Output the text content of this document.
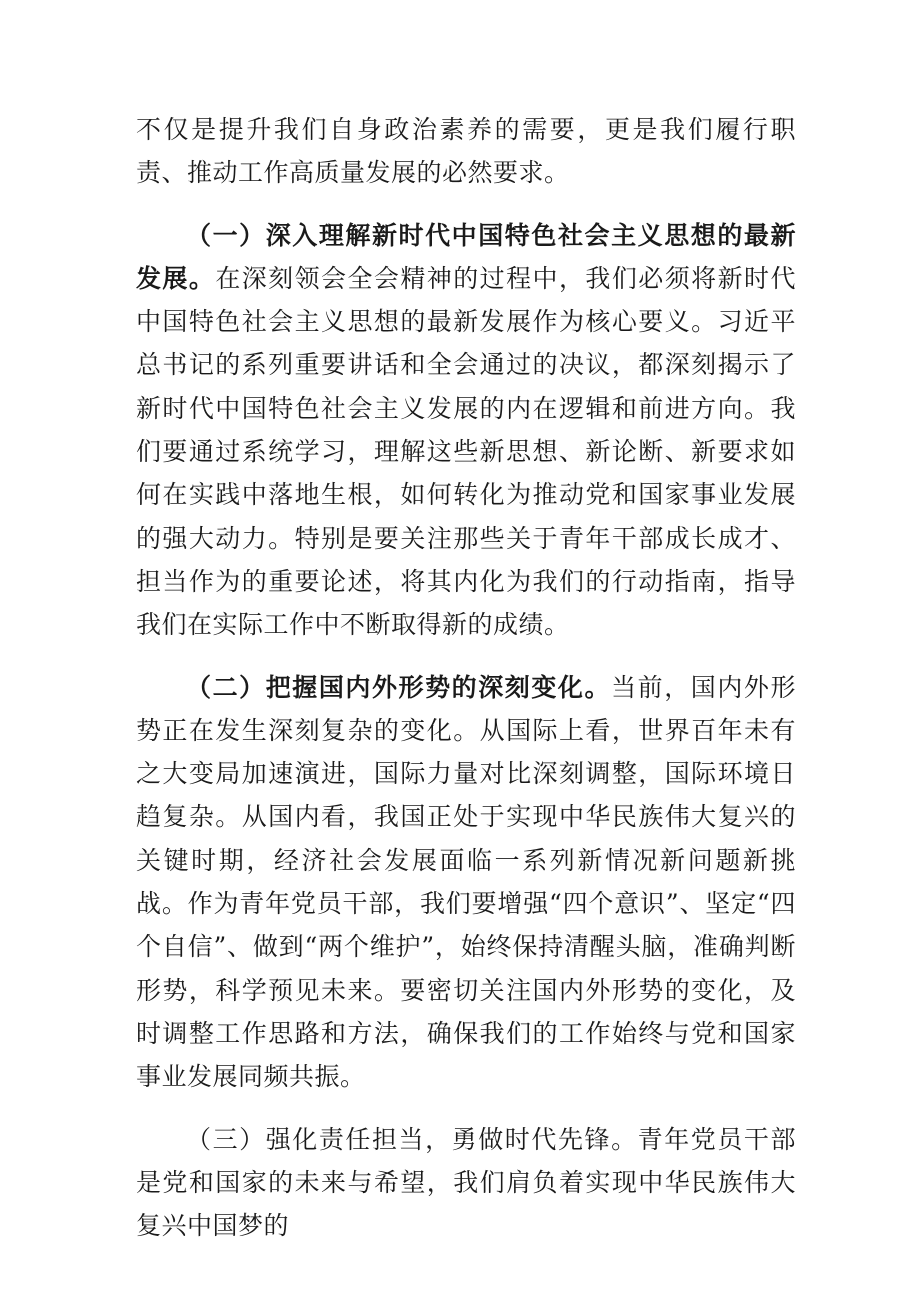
不仅是提升我们自身政治素养的需要，更是我们履行职责、推动工作高质量发展的必然要求。

（一）深入理解新时代中国特色社会主义思想的最新发展。在深刻领会全会精神的过程中，我们必须将新时代中国特色社会主义思想的最新发展作为核心要义。习近平总书记的系列重要讲话和全会通过的决议，都深刻揭示了新时代中国特色社会主义发展的内在逻辑和前进方向。我们要通过系统学习，理解这些新思想、新论断、新要求如何在实践中落地生根，如何转化为推动党和国家事业发展的强大动力。特别是要关注那些关于青年干部成长成才、担当作为的重要论述，将其内化为我们的行动指南，指导我们在实际工作中不断取得新的成绩。

（二）把握国内外形势的深刻变化。当前，国内外形势正在发生深刻复杂的变化。从国际上看，世界百年未有之大变局加速演进，国际力量对比深刻调整，国际环境日趋复杂。从国内看，我国正处于实现中华民族伟大复兴的关键时期，经济社会发展面临一系列新情况新问题新挑战。作为青年党员干部，我们要增强“四个意识”、坚定“四个自信”、做到“两个维护”，始终保持清醒头脑，准确判断形势，科学预见未来。要密切关注国内外形势的变化，及时调整工作思路和方法，确保我们的工作始终与党和国家事业发展同频共振。

（三）强化责任担当，勇做时代先锋。青年党员干部是党和国家的未来与希望，我们肩负着实现中华民族伟大复兴中国梦的
